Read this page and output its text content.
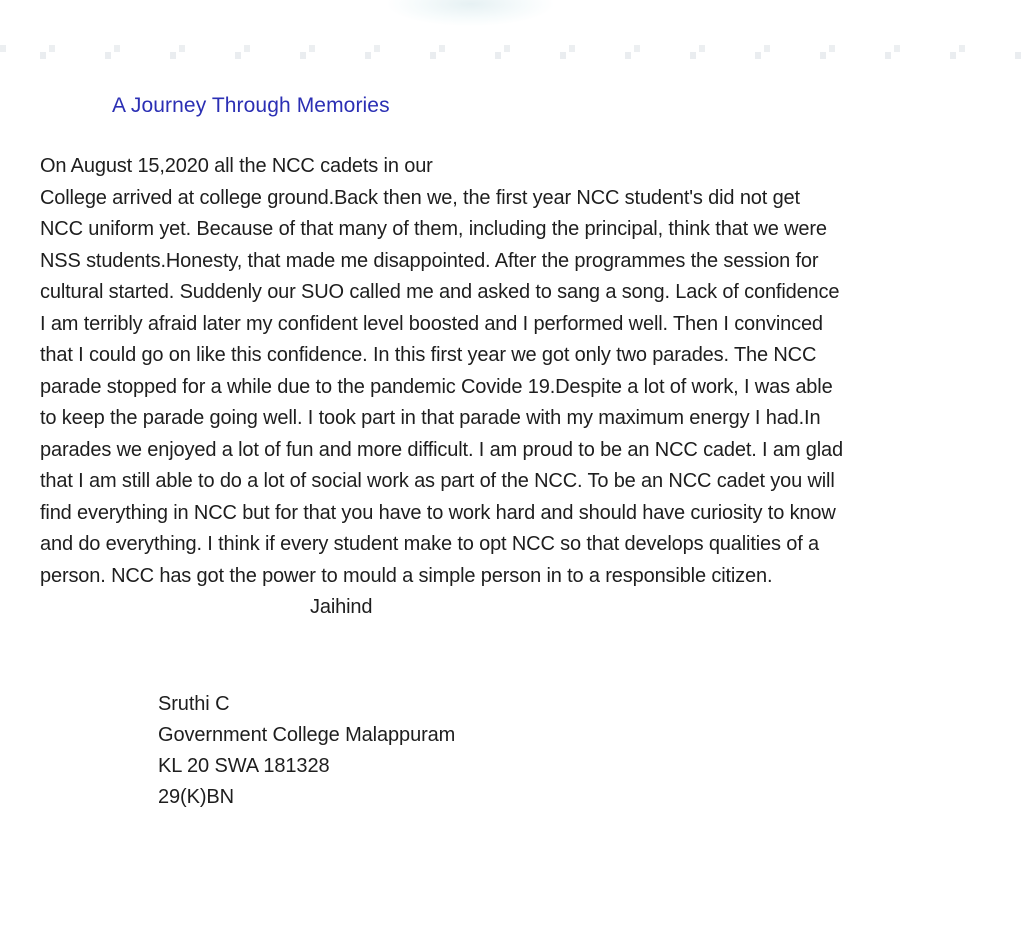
A Journey Through Memories
On August 15,2020 all the NCC cadets in our
College arrived at college ground.Back then we, the first year NCC student's did not get
NCC uniform yet. Because of that many of them, including the principal, think that we were
NSS students.Honesty, that made me disappointed. After the programmes the session for
cultural started. Suddenly our SUO called me and asked to sang a song. Lack of confidence
I am terribly afraid later my confident level boosted and I performed well. Then I convinced
that I could go on like this confidence. In this first year we got only two parades. The NCC
parade stopped for a while due to the pandemic Covide 19.Despite a lot of work, I was able
to keep the parade going well. I took part in that parade with my maximum energy I had.In
parades we enjoyed a lot of fun and more difficult. I am proud to be an NCC cadet. I am glad
that I am still able to do a lot of social work as part of the NCC. To be an NCC cadet you will
find everything in NCC but for that you have to work hard and should have curiosity to know
and do everything. I think if every student make to opt NCC so that develops qualities of a
person. NCC has got the power to mould a simple person in to a responsible citizen.
Jaihind
Sruthi C
Government College Malappuram
KL 20 SWA 181328
29(K)BN
